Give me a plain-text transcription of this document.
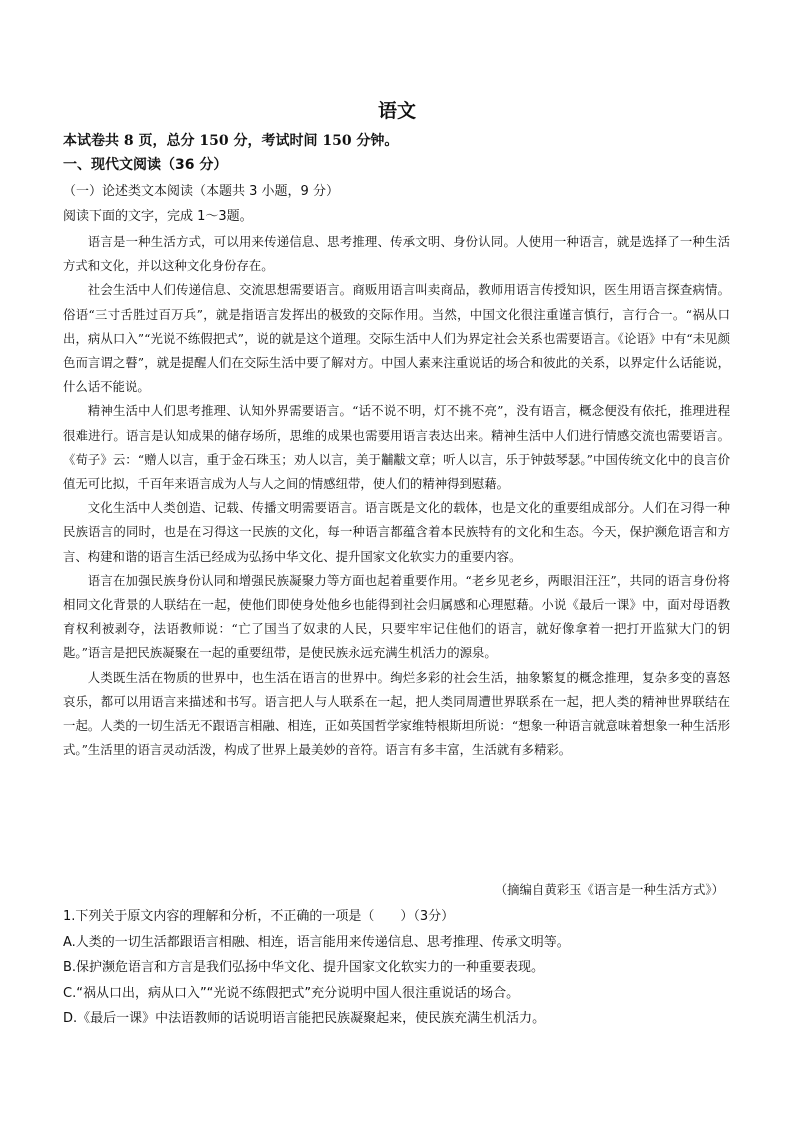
语文
本试卷共 8 页，总分 150 分，考试时间 150 分钟。
一、现代文阅读（36 分）
（一）论述类文本阅读（本题共 3 小题，9 分）
阅读下面的文字，完成 1～3题。

语言是一种生活方式，可以用来传递信息、思考推理、传承文明、身份认同。人使用一种语言，就是选择了一种生活方式和文化，并以这种文化身份存在。

社会生活中人们传递信息、交流思想需要语言。商贩用语言叫卖商品，教师用语言传授知识，医生用语言探查病情。俗语“三寸舌胜过百万兵”，就是指语言发挥出的极致的交际作用。当然，中国文化很注重谨言慎行，言行合一。“祸从口出，病从口入”“光说不练假把式”，说的就是这个道理。交际生活中人们为界定社会关系也需要语言。《论语》中有“未见颜色而言谓之瞽”，就是提醒人们在交际生活中要了解对方。中国人素来注重说话的场合和彼此的关系，以界定什么话能说，什么话不能说。

精神生活中人们思考推理、认知外界需要语言。“话不说不明，灯不挑不亮”，没有语言，概念便没有依托，推理进程很难进行。语言是认知成果的储存场所，思维的成果也需要用语言表达出来。精神生活中人们进行情感交流也需要语言。《荀子》云：“赠人以言，重于金石珠玉；劝人以言，美于黼黻文章；听人以言，乐于钟鼓琴瑟。”中国传统文化中的良言价值无可比拟，千百年来语言成为人与人之间的情感纽带，使人们的精神得到慰藉。

文化生活中人类创造、记载、传播文明需要语言。语言既是文化的载体，也是文化的重要组成部分。人们在习得一种民族语言的同时，也是在习得这一民族的文化，每一种语言都蕴含着本民族特有的文化和生态。今天，保护濒危语言和方言、构建和谐的语言生活已经成为弘扬中华文化、提升国家文化软实力的重要内容。

语言在加强民族身份认同和增强民族凝聚力等方面也起着重要作用。“老乡见老乡，两眼泪汪汪”，共同的语言身份将相同文化背景的人联结在一起，使他们即使身处他乡也能得到社会归属感和心理慰藉。小说《最后一课》中，面对母语教育权利被剥夺，法语教师说：“亡了国当了奴隶的人民，只要牢牢记住他们的语言，就好像拿着一把打开监狱大门的钥匙。”语言是把民族凝聚在一起的重要纽带，是使民族永远充满生机活力的源泉。

人类既生活在物质的世界中，也生活在语言的世界中。绚烂多彩的社会生活，抽象繁复的概念推理，复杂多变的喜怒哀乐，都可以用语言来描述和书写。语言把人与人联系在一起，把人类同周遭世界联系在一起，把人类的精神世界联结在一起。人类的一切生活无不跟语言相融、相连，正如英国哲学家维特根斯坦所说：“想象一种语言就意味着想象一种生活形式。”生活里的语言灵动活泼，构成了世界上最美妙的音符。语言有多丰富，生活就有多精彩。

（摘编自黄彩玉《语言是一种生活方式》）
1.下列关于原文内容的理解和分析，不正确的一项是（　　）（3分）
A.人类的一切生活都跟语言相融、相连，语言能用来传递信息、思考推理、传承文明等。
B.保护濒危语言和方言是我们弘扬中华文化、提升国家文化软实力的一种重要表现。
C.“祸从口出，病从口入”“光说不练假把式”充分说明中国人很注重说话的场合。
D.《最后一课》中法语教师的话说明语言能把民族凝聚起来，使民族充满生机活力。
